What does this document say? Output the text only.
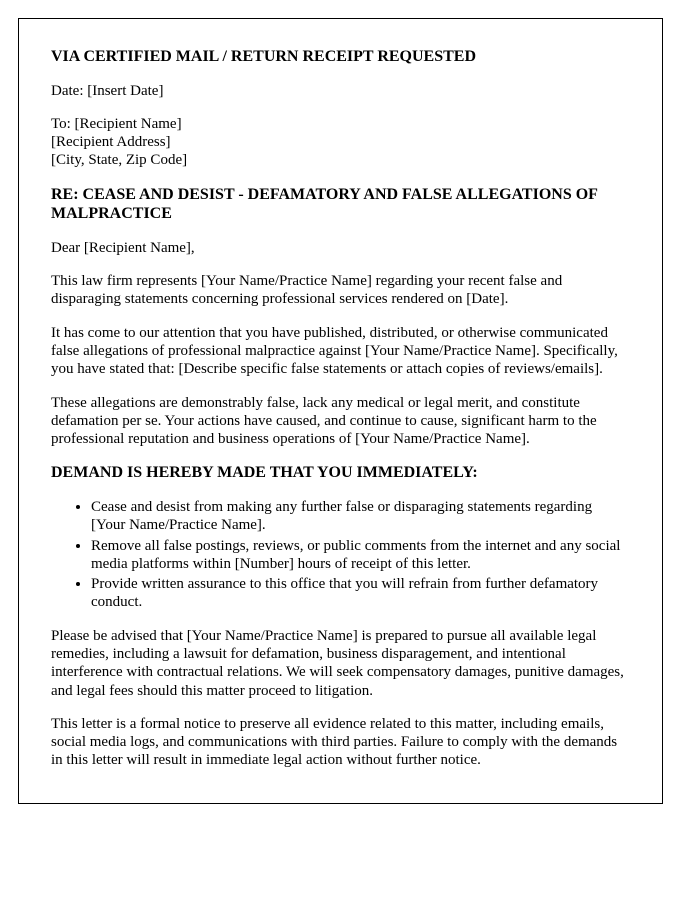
VIA CERTIFIED MAIL / RETURN RECEIPT REQUESTED

Date: [Insert Date]

To: [Recipient Name]
[Recipient Address]
[City, State, Zip Code]

RE: CEASE AND DESIST - DEFAMATORY AND FALSE ALLEGATIONS OF MALPRACTICE

Dear [Recipient Name],

This law firm represents [Your Name/Practice Name] regarding your recent false and disparaging statements concerning professional services rendered on [Date].

It has come to our attention that you have published, distributed, or otherwise communicated false allegations of professional malpractice against [Your Name/Practice Name]. Specifically, you have stated that: [Describe specific false statements or attach copies of reviews/emails].

These allegations are demonstrably false, lack any medical or legal merit, and constitute defamation per se. Your actions have caused, and continue to cause, significant harm to the professional reputation and business operations of [Your Name/Practice Name].

DEMAND IS HEREBY MADE THAT YOU IMMEDIATELY:

• Cease and desist from making any further false or disparaging statements regarding [Your Name/Practice Name].
• Remove all false postings, reviews, or public comments from the internet and any social media platforms within [Number] hours of receipt of this letter.
• Provide written assurance to this office that you will refrain from further defamatory conduct.

Please be advised that [Your Name/Practice Name] is prepared to pursue all available legal remedies, including a lawsuit for defamation, business disparagement, and intentional interference with contractual relations. We will seek compensatory damages, punitive damages, and legal fees should this matter proceed to litigation.

This letter is a formal notice to preserve all evidence related to this matter, including emails, social media logs, and communications with third parties. Failure to comply with the demands in this letter will result in immediate legal action without further notice.
